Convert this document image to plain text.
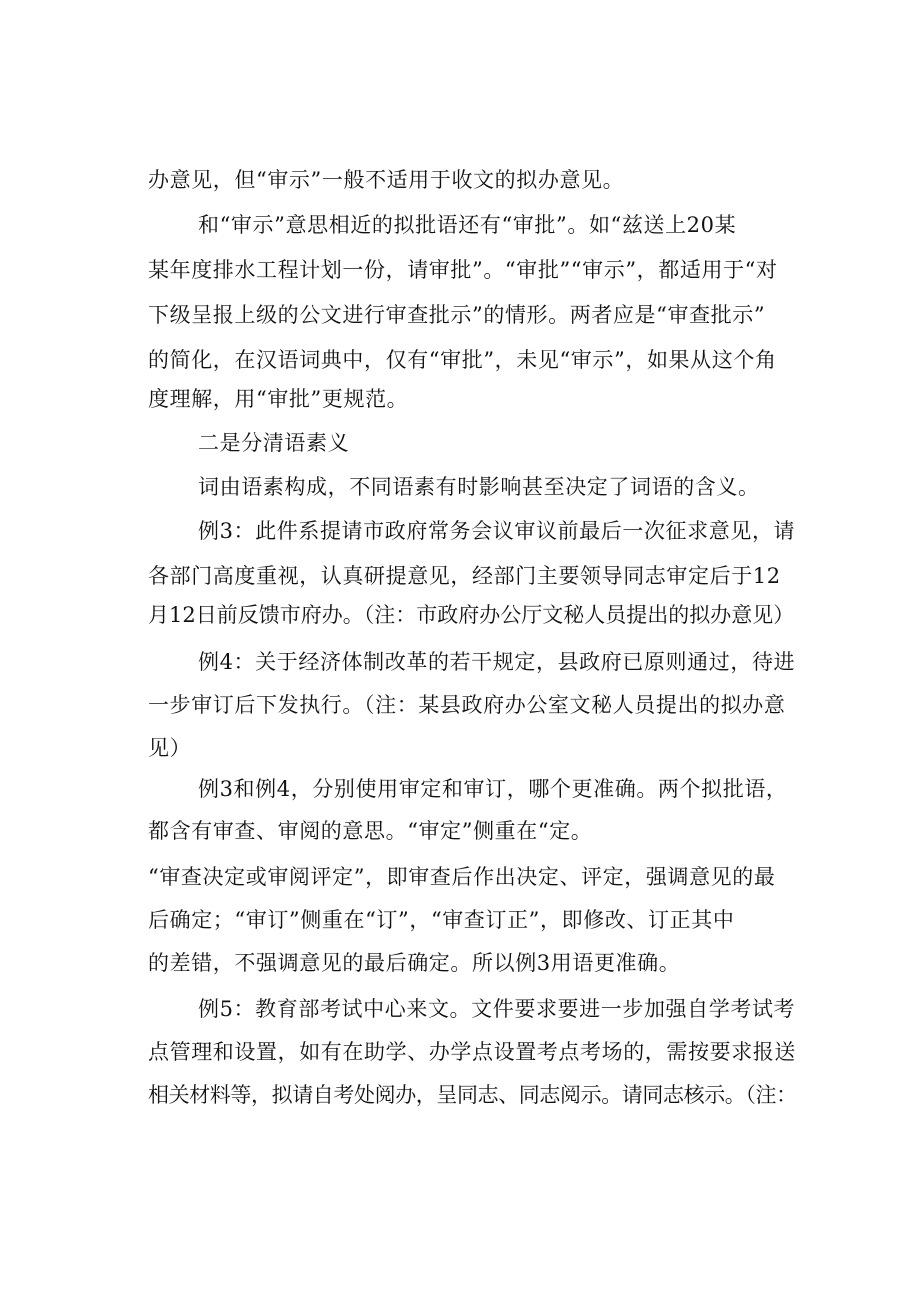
办意见，但“审示”一般不适用于收文的拟办意见。
和“审示”意思相近的拟批语还有“审批”。如“兹送上20某
某年度排水工程计划一份，请审批”。“审批”“审示”，都适用于“对
下级呈报上级的公文进行审查批示”的情形。两者应是“审查批示”
的简化，在汉语词典中，仅有“审批”，未见“审示”，如果从这个角
度理解，用“审批”更规范。
二是分清语素义
词由语素构成，不同语素有时影响甚至决定了词语的含义。
例3：此件系提请市政府常务会议审议前最后一次征求意见，请
各部门高度重视，认真研提意见，经部门主要领导同志审定后于12
月12日前反馈市府办。（注：市政府办公厅文秘人员提出的拟办意见）
例4：关于经济体制改革的若干规定，县政府已原则通过，待进
一步审订后下发执行。（注：某县政府办公室文秘人员提出的拟办意
见）
例3和例4，分别使用审定和审订，哪个更准确。两个拟批语，
都含有审查、审阅的意思。“审定”侧重在“定。
“审查决定或审阅评定”，即审查后作出决定、评定，强调意见的最
后确定；“审订”侧重在“订”，“审查订正”，即修改、订正其中
的差错，不强调意见的最后确定。所以例3用语更准确。
例5：教育部考试中心来文。文件要求要进一步加强自学考试考
点管理和设置，如有在助学、办学点设置考点考场的，需按要求报送
相关材料等，拟请自考处阅办，呈同志、同志阅示。请同志核示。（注：
